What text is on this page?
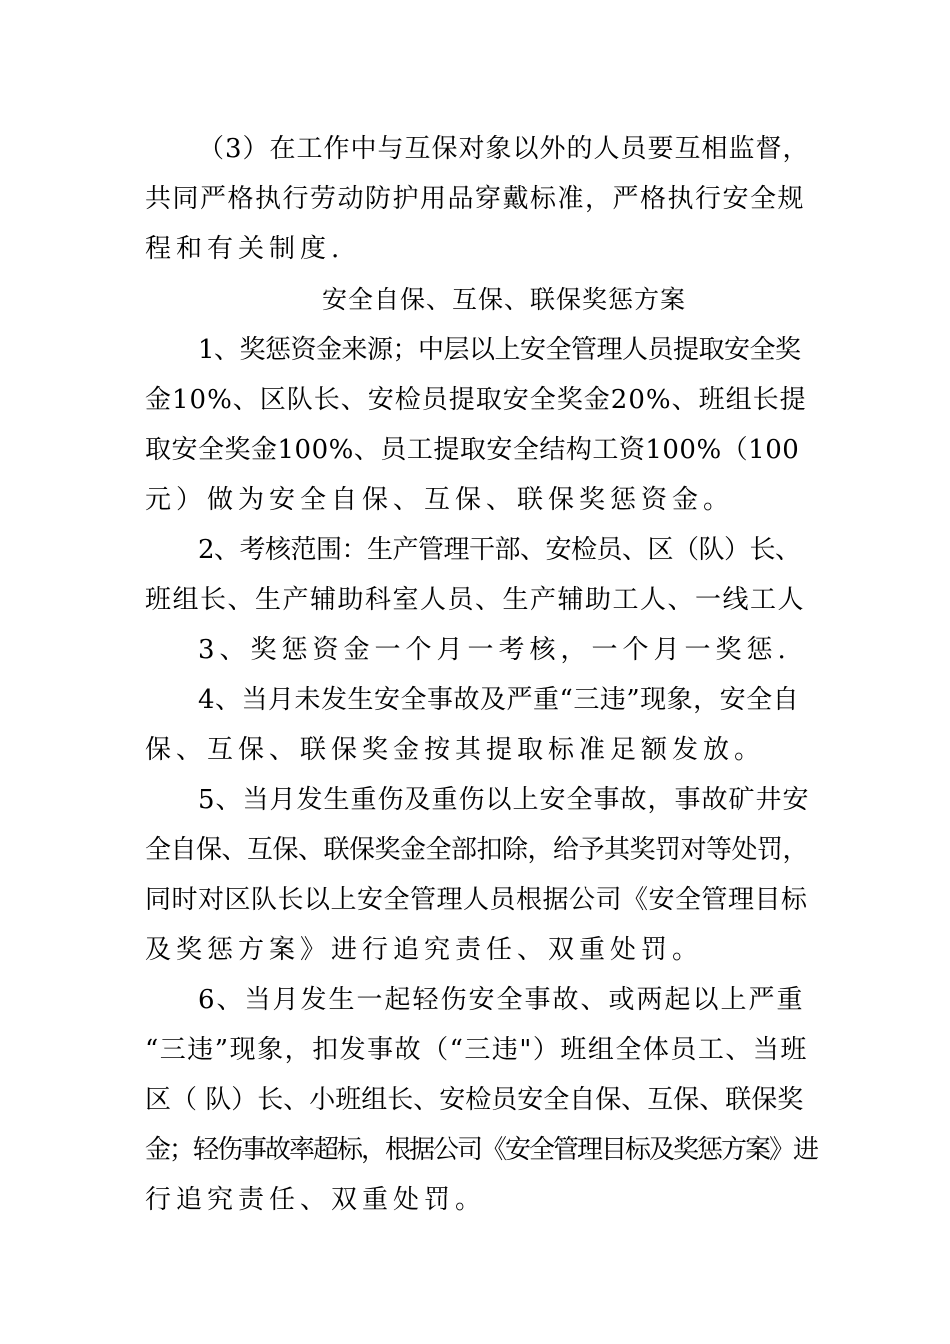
（3）在工作中与互保对象以外的人员要互相监督，
共同严格执行劳动防护用品穿戴标准，严格执行安全规
程和有关制度.
安全自保、互保、联保奖惩方案
1、奖惩资金来源；中层以上安全管理人员提取安全奖
金10%、区队长、安检员提取安全奖金20%、班组长提
取安全奖金100%、员工提取安全结构工资100%（100
元）做为安全自保、互保、联保奖惩资金。
2、考核范围：生产管理干部、安检员、区（队）长、
班组长、生产辅助科室人员、生产辅助工人、一线工人
3、奖惩资金一个月一考核，一个月一奖惩.
4、当月未发生安全事故及严重“三违”现象，安全自
保、互保、联保奖金按其提取标准足额发放。
5、当月发生重伤及重伤以上安全事故，事故矿井安
全自保、互保、联保奖金全部扣除，给予其奖罚对等处罚，
同时对区队长以上安全管理人员根据公司《安全管理目标
及奖惩方案》进行追究责任、双重处罚。
6、当月发生一起轻伤安全事故、或两起以上严重
“三违”现象，扣发事故（“三违"）班组全体员工、当班
区（ 队）长、小班组长、安检员安全自保、互保、联保奖
金；轻伤事故率超标，根据公司《安全管理目标及奖惩方案》进
行追究责任、双重处罚。
